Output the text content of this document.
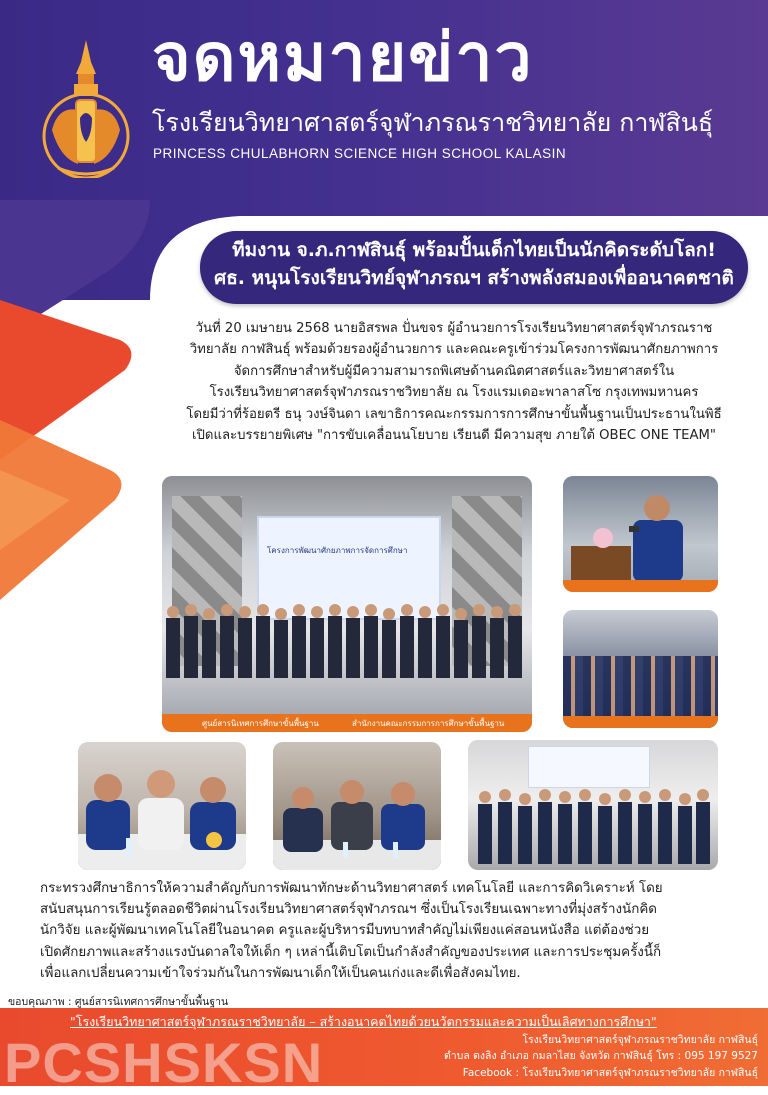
จดหมายข่าว
โรงเรียนวิทยาศาสตร์จุฬาภรณราชวิทยาลัย กาฬสินธุ์
PRINCESS CHULABHORN SCIENCE HIGH SCHOOL KALASIN
ทีมงาน จ.ภ.กาฬสินธุ์ พร้อมปั้นเด็กไทยเป็นนักคิดระดับโลก!
ศธ. หนุนโรงเรียนวิทย์จุฬาภรณฯ สร้างพลังสมองเพื่ออนาคตชาติ
วันที่ 20 เมษายน 2568 นายอิสรพล ปั่นขจร ผู้อำนวยการโรงเรียนวิทยาศาสตร์จุฬาภรณราช
วิทยาลัย กาฬสินธุ์ พร้อมด้วยรองผู้อำนวยการ และคณะครูเข้าร่วมโครงการพัฒนาศักยภาพการ
จัดการศึกษาสำหรับผู้มีความสามารถพิเศษด้านคณิตศาสตร์และวิทยาศาสตร์ใน
โรงเรียนวิทยาศาสตร์จุฬาภรณราชวิทยาลัย ณ โรงแรมเดอะพาลาสโซ กรุงเทพมหานคร
โดยมีว่าที่ร้อยตรี ธนุ วงษ์จินดา เลขาธิการคณะกรรมการการศึกษาขั้นพื้นฐานเป็นประธานในพิธี
เปิดและบรรยายพิเศษ "การขับเคลื่อนนโยบาย เรียนดี มีความสุข ภายใต้ OBEC ONE TEAM"
โครงการพัฒนาศักยภาพการจัดการศึกษา
ศูนย์สารนิเทศการศึกษาขั้นพื้นฐาน	สำนักงานคณะกรรมการการศึกษาขั้นพื้นฐาน
กระทรวงศึกษาธิการให้ความสำคัญกับการพัฒนาทักษะด้านวิทยาศาสตร์ เทคโนโลยี และการคิดวิเคราะห์ โดย
สนับสนุนการเรียนรู้ตลอดชีวิตผ่านโรงเรียนวิทยาศาสตร์จุฬาภรณฯ ซึ่งเป็นโรงเรียนเฉพาะทางที่มุ่งสร้างนักคิด
นักวิจัย และผู้พัฒนาเทคโนโลยีในอนาคต ครูและผู้บริหารมีบทบาทสำคัญไม่เพียงแค่สอนหนังสือ แต่ต้องช่วย
เปิดศักยภาพและสร้างแรงบันดาลใจให้เด็ก ๆ เหล่านี้เติบโตเป็นกำลังสำคัญของประเทศ และการประชุมครั้งนี้ก็
เพื่อแลกเปลี่ยนความเข้าใจร่วมกันในการพัฒนาเด็กให้เป็นคนเก่งและดีเพื่อสังคมไทย.
ขอบคุณภาพ : ศูนย์สารนิเทศการศึกษาขั้นพื้นฐาน
"โรงเรียนวิทยาศาสตร์จุฬาภรณราชวิทยาลัย – สร้างอนาคตไทยด้วยนวัตกรรมและความเป็นเลิศทางการศึกษา"
PCSHSKSN	โรงเรียนวิทยาศาสตร์จุฬาภรณราชวิทยาลัย กาฬสินธุ์
ตำบล ดงลิง อำเภอ กมลาไสย จังหวัด กาฬสินธุ์ โทร : 095 197 9527
Facebook : โรงเรียนวิทยาศาสตร์จุฬาภรณราชวิทยาลัย กาฬสินธุ์
